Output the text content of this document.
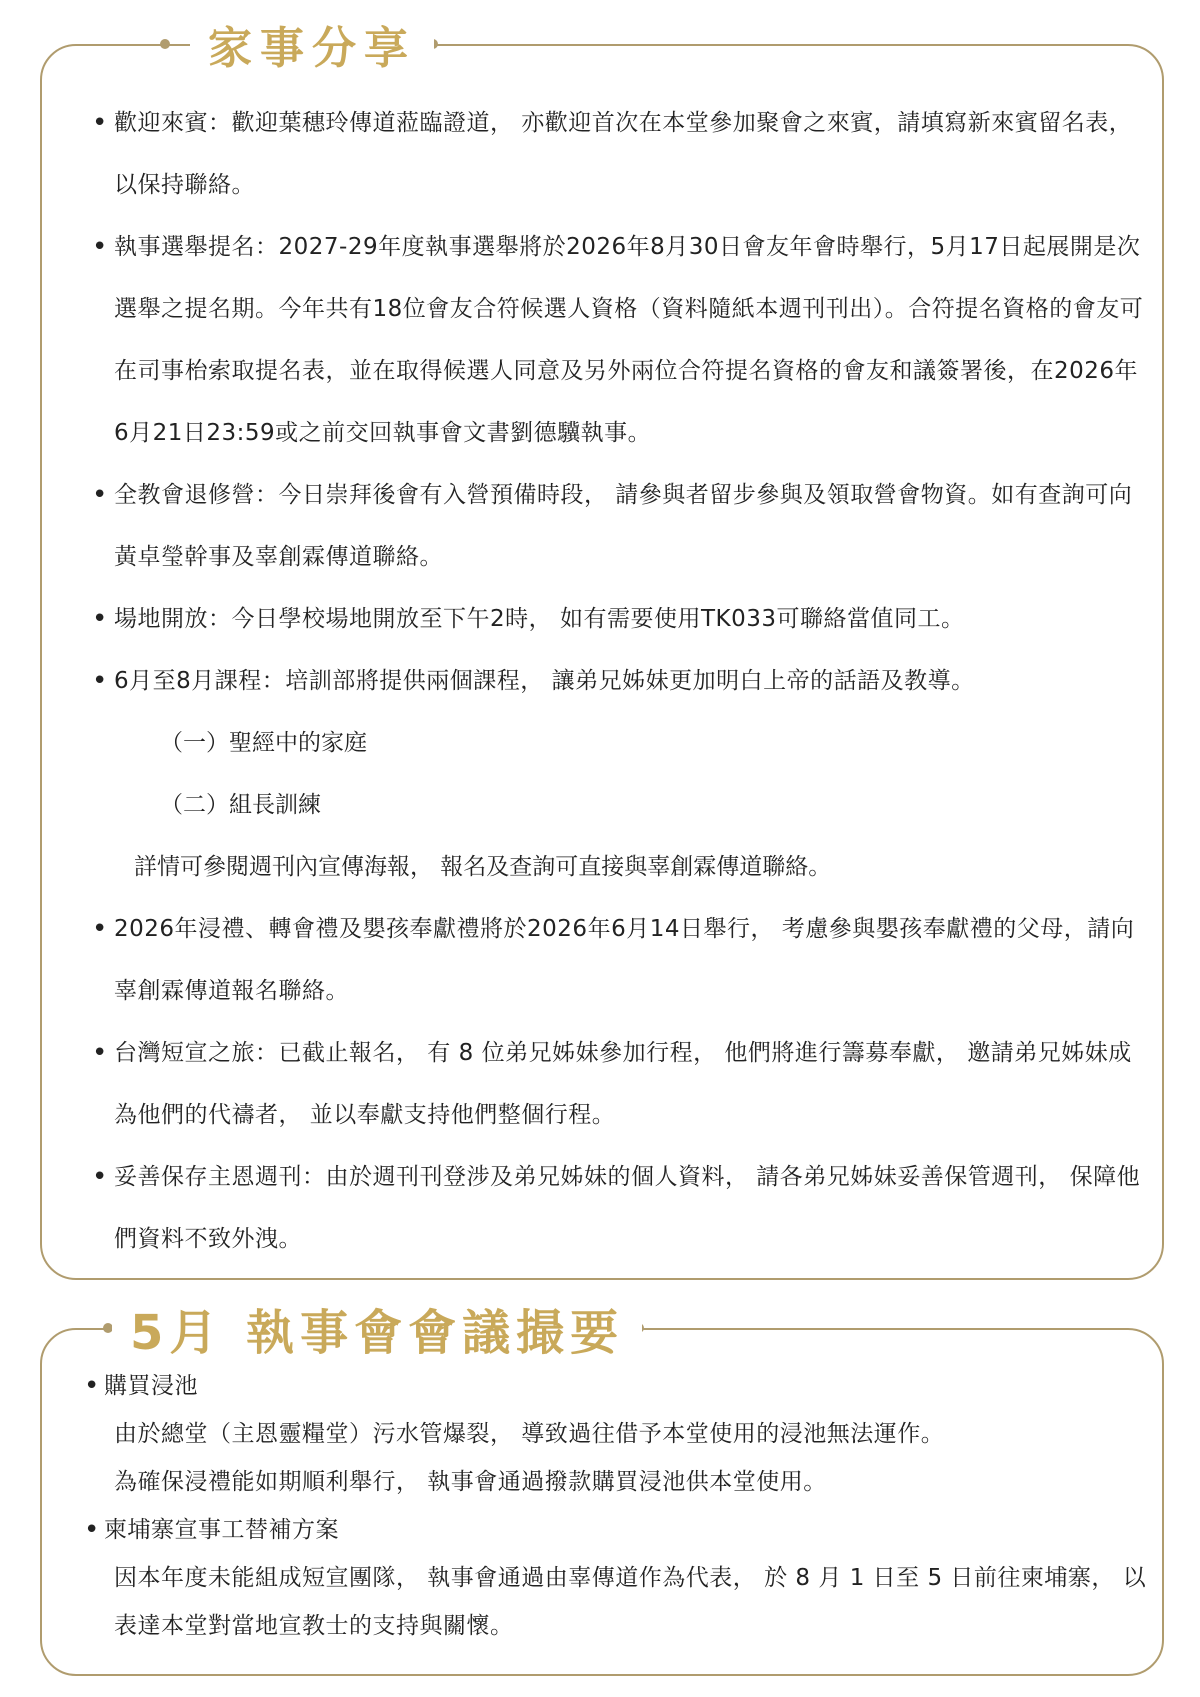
家事分享
• 歡迎來賓：歡迎葉穗玲傳道蒞臨證道， 亦歡迎首次在本堂參加聚會之來賓，請填寫新來賓留名表，以保持聯絡。
• 執事選舉提名：2027-29年度執事選舉將於2026年8月30日會友年會時舉行，5月17日起展開是次選舉之提名期。今年共有18位會友合符候選人資格（資料隨紙本週刊刊出）。合符提名資格的會友可在司事枱索取提名表，並在取得候選人同意及另外兩位合符提名資格的會友和議簽署後，在2026年6月21日23:59或之前交回執事會文書劉德驥執事。
• 全教會退修營：今日崇拜後會有入營預備時段， 請參與者留步參與及領取營會物資。如有查詢可向黃卓瑩幹事及辜創霖傳道聯絡。
• 場地開放：今日學校場地開放至下午2時， 如有需要使用TK033可聯絡當值同工。
• 6月至8月課程：培訓部將提供兩個課程， 讓弟兄姊妹更加明白上帝的話語及教導。
（一）聖經中的家庭
（二）組長訓練
詳情可參閱週刊內宣傳海報， 報名及查詢可直接與辜創霖傳道聯絡。
• 2026年浸禮、轉會禮及嬰孩奉獻禮將於2026年6月14日舉行， 考慮參與嬰孩奉獻禮的父母，請向辜創霖傳道報名聯絡。
• 台灣短宣之旅：已截止報名， 有 8 位弟兄姊妹參加行程， 他們將進行籌募奉獻， 邀請弟兄姊妹成為他們的代禱者， 並以奉獻支持他們整個行程。
• 妥善保存主恩週刊：由於週刊刊登涉及弟兄姊妹的個人資料， 請各弟兄姊妹妥善保管週刊， 保障他們資料不致外洩。
5月 執事會會議撮要
• 購買浸池
由於總堂（主恩靈糧堂）污水管爆裂， 導致過往借予本堂使用的浸池無法運作。
為確保浸禮能如期順利舉行， 執事會通過撥款購買浸池供本堂使用。
• 柬埔寨宣事工替補方案
因本年度未能組成短宣團隊， 執事會通過由辜傳道作為代表， 於 8 月 1 日至 5 日前往柬埔寨， 以表達本堂對當地宣教士的支持與關懷。
